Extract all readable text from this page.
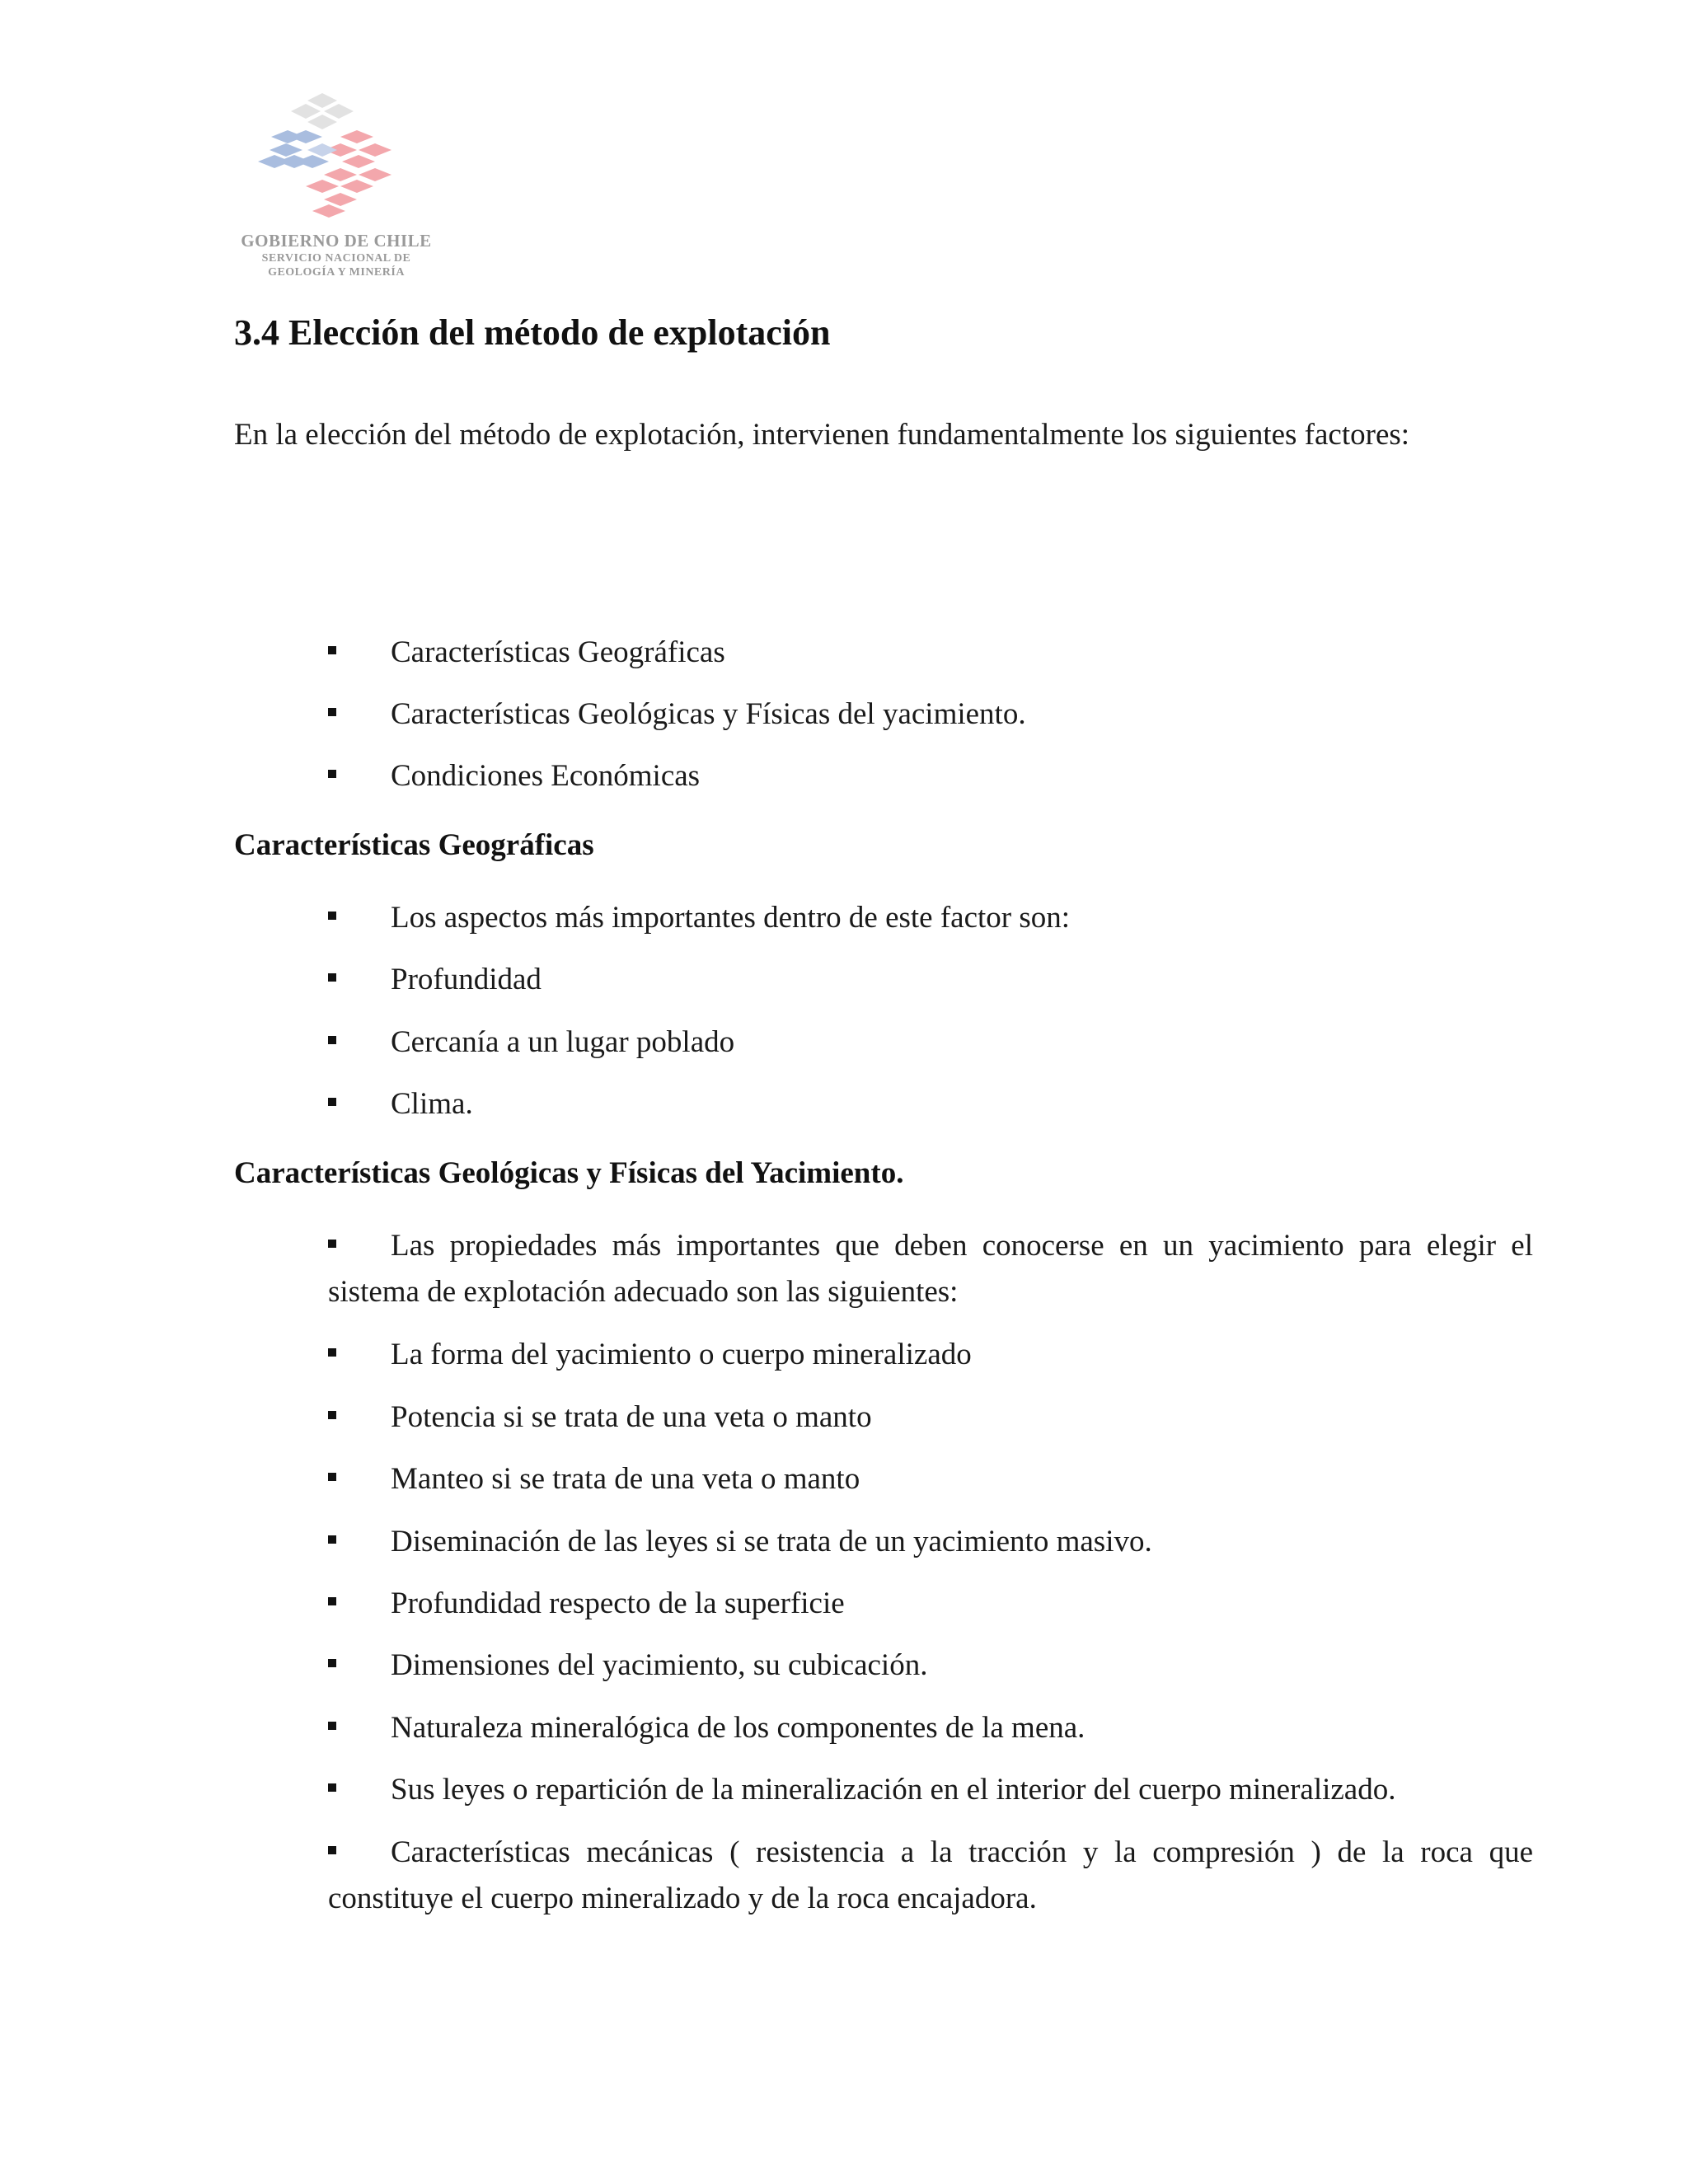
GOBIERNO DE CHILE
SERVICIO NACIONAL DE
GEOLOGÍA Y MINERÍA
3.4 Elección del método de explotación

En la elección del método de explotación, intervienen fundamentalmente los siguientes factores:

Características Geográficas
Características Geológicas y Físicas del yacimiento.
Condiciones Económicas
Características Geográficas
Los aspectos más importantes dentro de este factor son:
Profundidad
Cercanía a un lugar poblado
Clima.
Características Geológicas y Físicas del Yacimiento.
Las propiedades más importantes que deben conocerse en un yacimiento para elegir el sistema de explotación adecuado son las siguientes:
La forma del yacimiento o cuerpo mineralizado
Potencia si se trata de una veta o manto
Manteo si se trata de una veta o manto
Diseminación de las leyes si se trata de un yacimiento masivo.
Profundidad respecto de la superficie
Dimensiones del yacimiento, su cubicación.
Naturaleza mineralógica de los componentes de la mena.
Sus leyes o repartición de la mineralización en el interior del cuerpo mineralizado.
Características mecánicas ( resistencia a la tracción y la compresión ) de la roca que constituye el cuerpo mineralizado y de la roca encajadora.
